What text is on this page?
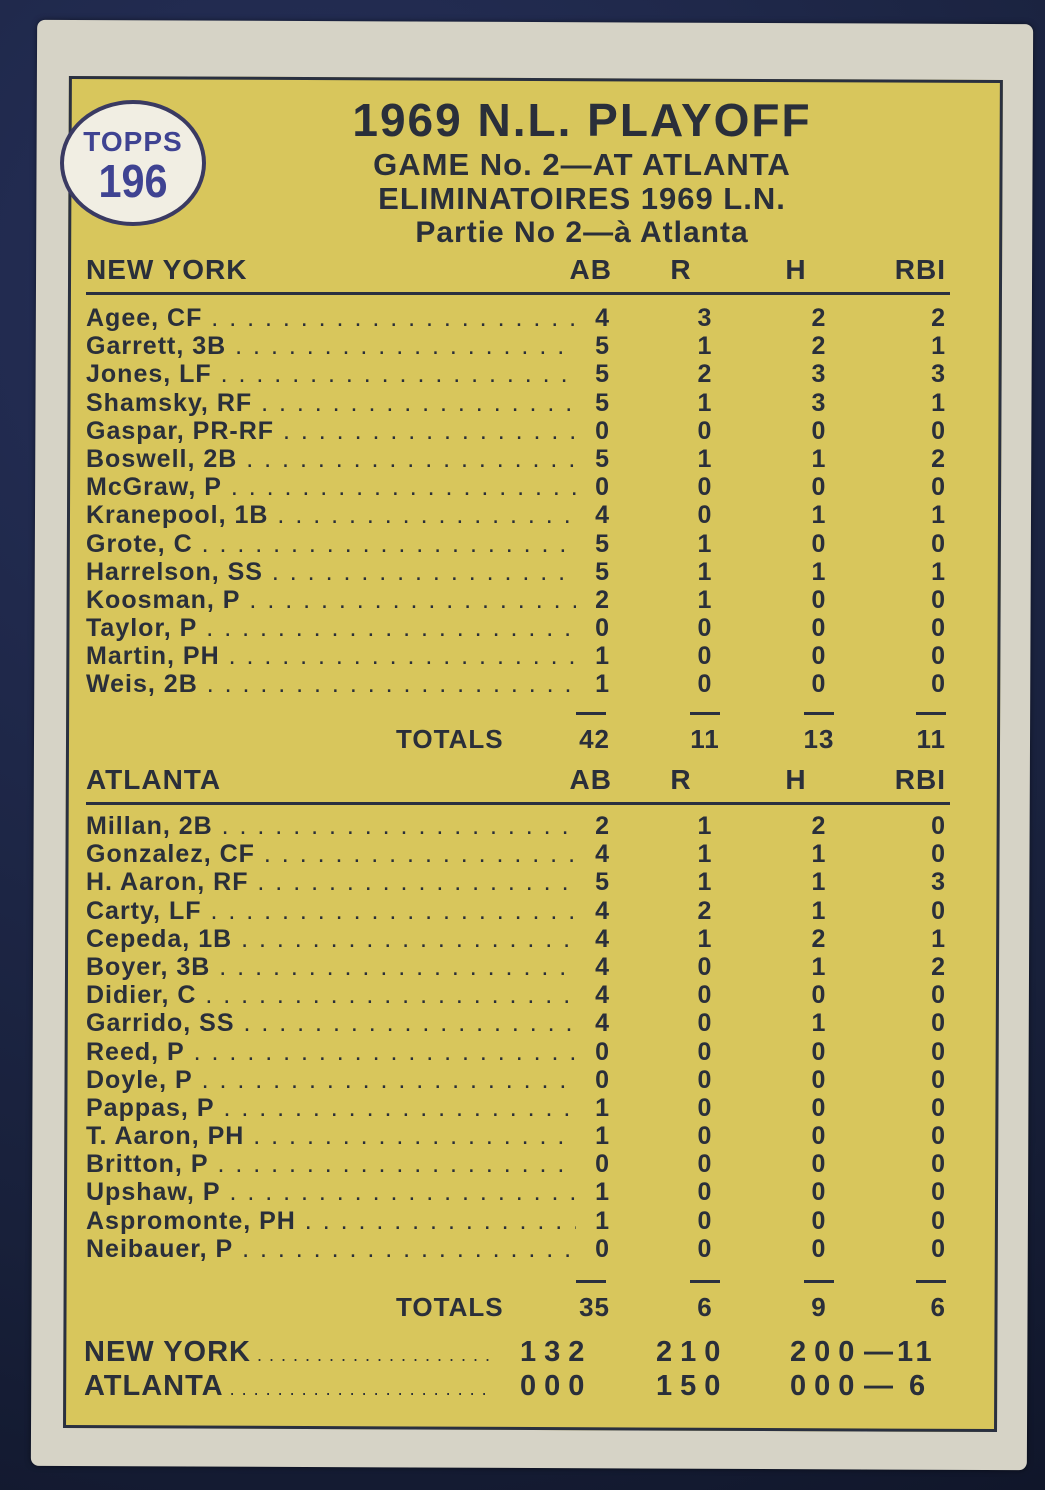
TOPPS
196
1969 N.L. PLAYOFF
GAME No. 2—AT ATLANTA
ELIMINATOIRES 1969 L.N.
Partie No 2—à Atlanta
NEW YORK	AB	R	H	RBI
Agee, CF . . .	4	3	2	2
Garrett, 3B . . .	5	1	2	1
Jones, LF . . .	5	2	3	3
Shamsky, RF . . .	5	1	3	1
Gaspar, PR-RF . . .	0	0	0	0
Boswell, 2B . . .	5	1	1	2
McGraw, P . . .	0	0	0	0
Kranepool, 1B . . .	4	0	1	1
Grote, C . . .	5	1	0	0
Harrelson, SS . . .	5	1	1	1
Koosman, P . . .	2	1	0	0
Taylor, P . . .	0	0	0	0
Martin, PH . . .	1	0	0	0
Weis, 2B . . .	1	0	0	0
TOTALS	42	11	13	11
ATLANTA	AB	R	H	RBI
Millan, 2B . . .	2	1	2	0
Gonzalez, CF . . .	4	1	1	0
H. Aaron, RF . . .	5	1	1	3
Carty, LF . . .	4	2	1	0
Cepeda, 1B . . .	4	1	2	1
Boyer, 3B . . .	4	0	1	2
Didier, C . . .	4	0	0	0
Garrido, SS . . .	4	0	1	0
Reed, P . . .	0	0	0	0
Doyle, P . . .	0	0	0	0
Pappas, P . . .	1	0	0	0
T. Aaron, PH . . .	1	0	0	0
Britton, P . . .	0	0	0	0
Upshaw, P . . .	1	0	0	0
Aspromonte, PH . . .	1	0	0	0
Neibauer, P . . .	0	0	0	0
TOTALS	35	6	9	6
NEW YORK . . .	132 210 200 —11
ATLANTA . . .	000 150 000 — 6
